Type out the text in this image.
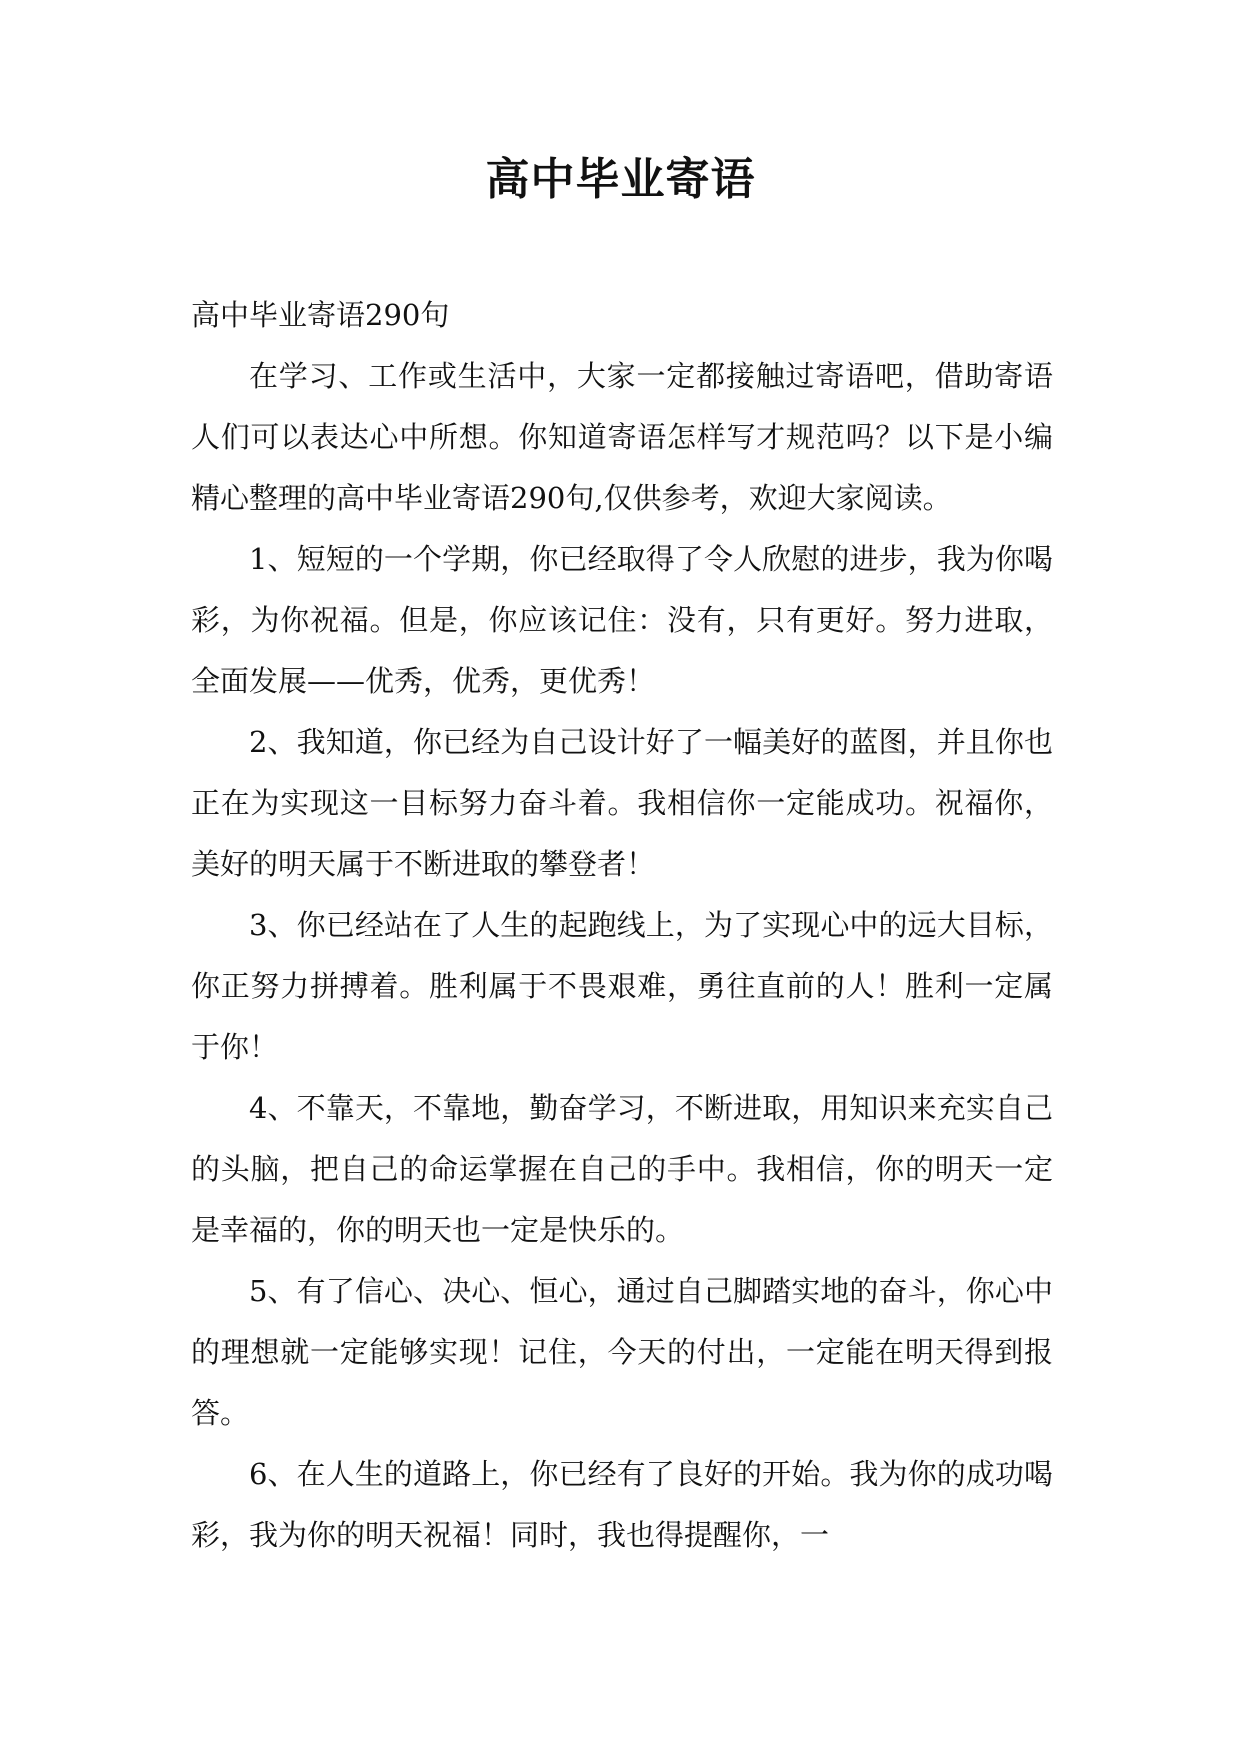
高中毕业寄语

高中毕业寄语290句

在学习、工作或生活中，大家一定都接触过寄语吧，借助寄语人们可以表达心中所想。你知道寄语怎样写才规范吗？以下是小编精心整理的高中毕业寄语290句,仅供参考，欢迎大家阅读。

1、短短的一个学期，你已经取得了令人欣慰的进步，我为你喝彩，为你祝福。但是，你应该记住：没有，只有更好。努力进取，全面发展——优秀，优秀，更优秀！

2、我知道，你已经为自己设计好了一幅美好的蓝图，并且你也正在为实现这一目标努力奋斗着。我相信你一定能成功。祝福你，美好的明天属于不断进取的攀登者！

3、你已经站在了人生的起跑线上，为了实现心中的远大目标，你正努力拼搏着。胜利属于不畏艰难，勇往直前的人！胜利一定属于你！

4、不靠天，不靠地，勤奋学习，不断进取，用知识来充实自己的头脑，把自己的命运掌握在自己的手中。我相信，你的明天一定是幸福的，你的明天也一定是快乐的。

5、有了信心、决心、恒心，通过自己脚踏实地的奋斗，你心中的理想就一定能够实现！记住，今天的付出，一定能在明天得到报答。

6、在人生的道路上，你已经有了良好的开始。我为你的成功喝彩，我为你的明天祝福！同时，我也得提醒你，一
